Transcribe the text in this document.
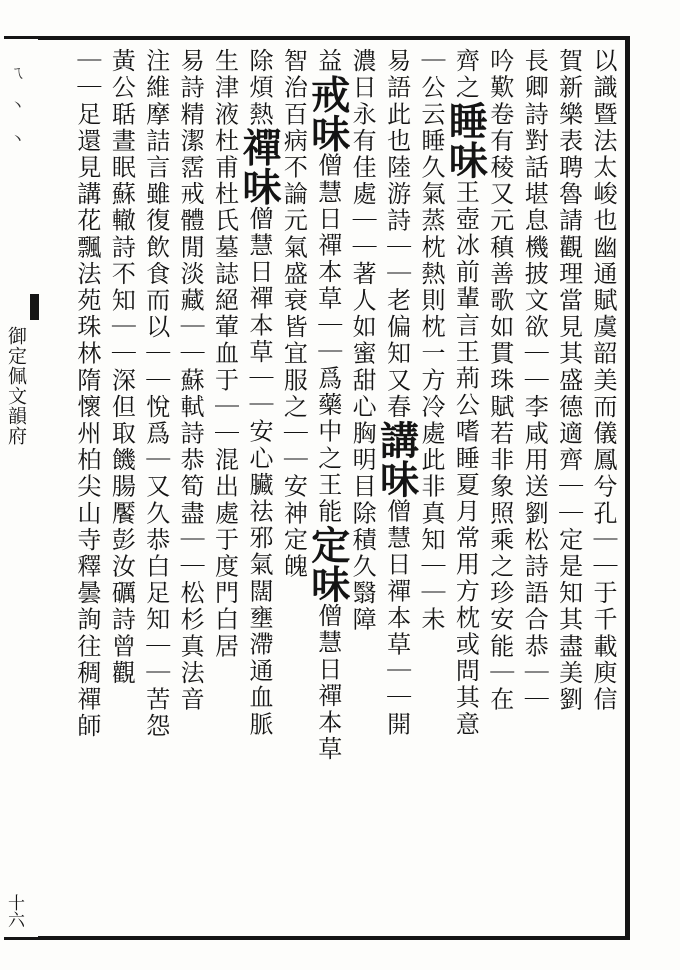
ㄟ 丶 丶
御定佩文韻府
十六
以識暨法太峻也幽通賦虞韶美而儀鳳兮孔｜｜于千載庾信
賀新樂表聘魯請觀理當見其盛德適齊｜｜定是知其盡美劉
長卿詩對話堪息機披文欲｜｜李咸用送劉松詩語合恭｜｜
吟歎卷有稜又元稹善歌如貫珠賦若非象照乘之珍安能｜在
齊之睡味王壺冰前輩言王荊公嗜睡夏月常用方枕或問其意
｜公云睡久氣蒸枕熱則枕一方冷處此非真知｜｜未
易語此也陸游詩｜｜老偏知又春講味僧慧日禪本草｜｜開
濃日永有佳處｜｜著人如蜜甜心胸明目除積久翳障
益戒味僧慧日禪本草｜｜爲藥中之王能定味僧慧日禪本草
智治百病不論元氣盛衰皆宜服之｜｜安神定魄
除煩熱禪味僧慧日禪本草｜｜安心臟祛邪氣闊壅滯通血脈
生津液杜甫杜氏墓誌絕葷血于｜｜混出處于度門白居
易詩精潔霑戒體閒淡藏｜｜蘇軾詩恭筍盡｜｜松杉真法音
注維摩詰言雖復飲食而以｜｜悅爲｜又久恭白足知｜｜苦怨
黃公聒晝眠蘇轍詩不知｜｜深但取饑腸饜彭汝礪詩曾觀
｜｜足還見講花飄法苑珠林隋懷州柏尖山寺釋曇詢往稠禪師
